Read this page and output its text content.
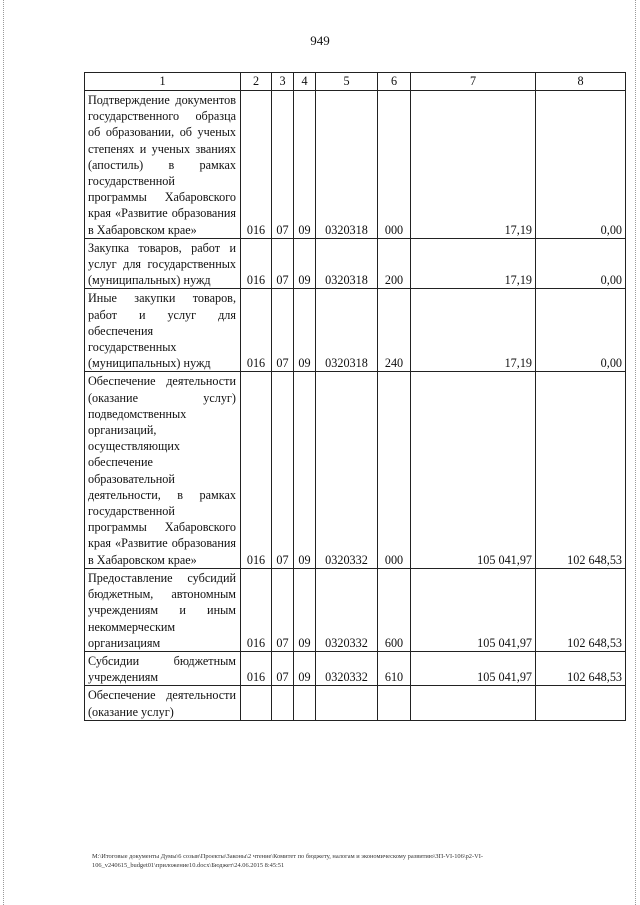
949
1	2	3	4	5	6	7	8
Подтверждение документов государственного образца об образовании, об ученых степенях и ученых званиях (апостиль) в рамках государственной программы Хабаровского края «Развитие образования в Хабаровском крае»	016	07	09	0320318	000	17,19	0,00
Закупка товаров, работ и услуг для государственных (муниципальных) нужд	016	07	09	0320318	200	17,19	0,00
Иные закупки товаров, работ и услуг для обеспечения государственных (муниципальных) нужд	016	07	09	0320318	240	17,19	0,00
Обеспечение деятельности (оказание услуг) подведомственных организаций, осуществляющих обеспечение образовательной деятельности, в рамках государственной программы Хабаровского края «Развитие образования в Хабаровском крае»	016	07	09	0320332	000	105 041,97	102 648,53
Предоставление субсидий бюджетным, автономным учреждениям и иным некоммерческим организациям	016	07	09	0320332	600	105 041,97	102 648,53
Субсидии бюджетным учреждениям	016	07	09	0320332	610	105 041,97	102 648,53
Обеспечение деятельности (оказание услуг)							
M:\Итоговые документы Думы\6 созыв\Проекты\Законы\2 чтение\Комитет по бюджету, налогам и экономическому развитию\ЗП-VI-106\р2-VI-
106_v240615_budget01\приложение10.docx\Бюджет\24.06.2015 8:45:51
